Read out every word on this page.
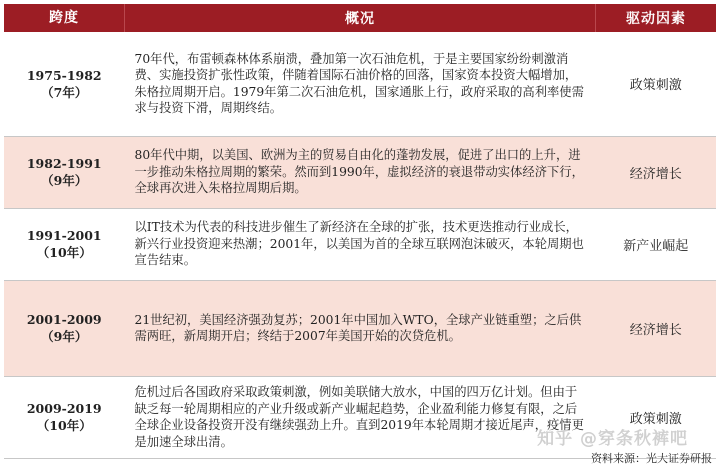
跨度	概况	驱动因素

1975-1982
（7年）	70年代，布雷顿森林体系崩溃，叠加第一次石油危机，于是主要国家纷纷刺激消费、实施投资扩张性政策，伴随着国际石油价格的回落，国家资本投资大幅增加，朱格拉周期开启。1979年第二次石油危机，国家通胀上行，政府采取的高利率使需求与投资下滑，周期终结。	政策刺激

1982-1991
（9年）	80年代中期，以美国、欧洲为主的贸易自由化的蓬勃发展，促进了出口的上升，进一步推动朱格拉周期的繁荣。然而到1990年，虚拟经济的衰退带动实体经济下行，全球再次进入朱格拉周期后期。	经济增长

1991-2001
（10年）	以IT技术为代表的科技进步催生了新经济在全球的扩张，技术更迭推动行业成长，新兴行业投资迎来热潮；2001年，以美国为首的全球互联网泡沫破灭，本轮周期也宣告结束。	新产业崛起

2001-2009
（9年）	21世纪初，美国经济强劲复苏；2001年中国加入WTO，全球产业链重塑；之后供需两旺，新周期开启；终结于2007年美国开始的次贷危机。	经济增长

2009-2019
（10年）	危机过后各国政府采取政策刺激，例如美联储大放水，中国的四万亿计划。但由于缺乏每一轮周期相应的产业升级或新产业崛起趋势，企业盈利能力修复有限，之后全球企业设备投资开没有继续强劲上升。直到2019年本轮周期才接近尾声，疫情更是加速全球出清。	政策刺激
知乎 @穿条秋裤吧
资料来源：光大证券研报
